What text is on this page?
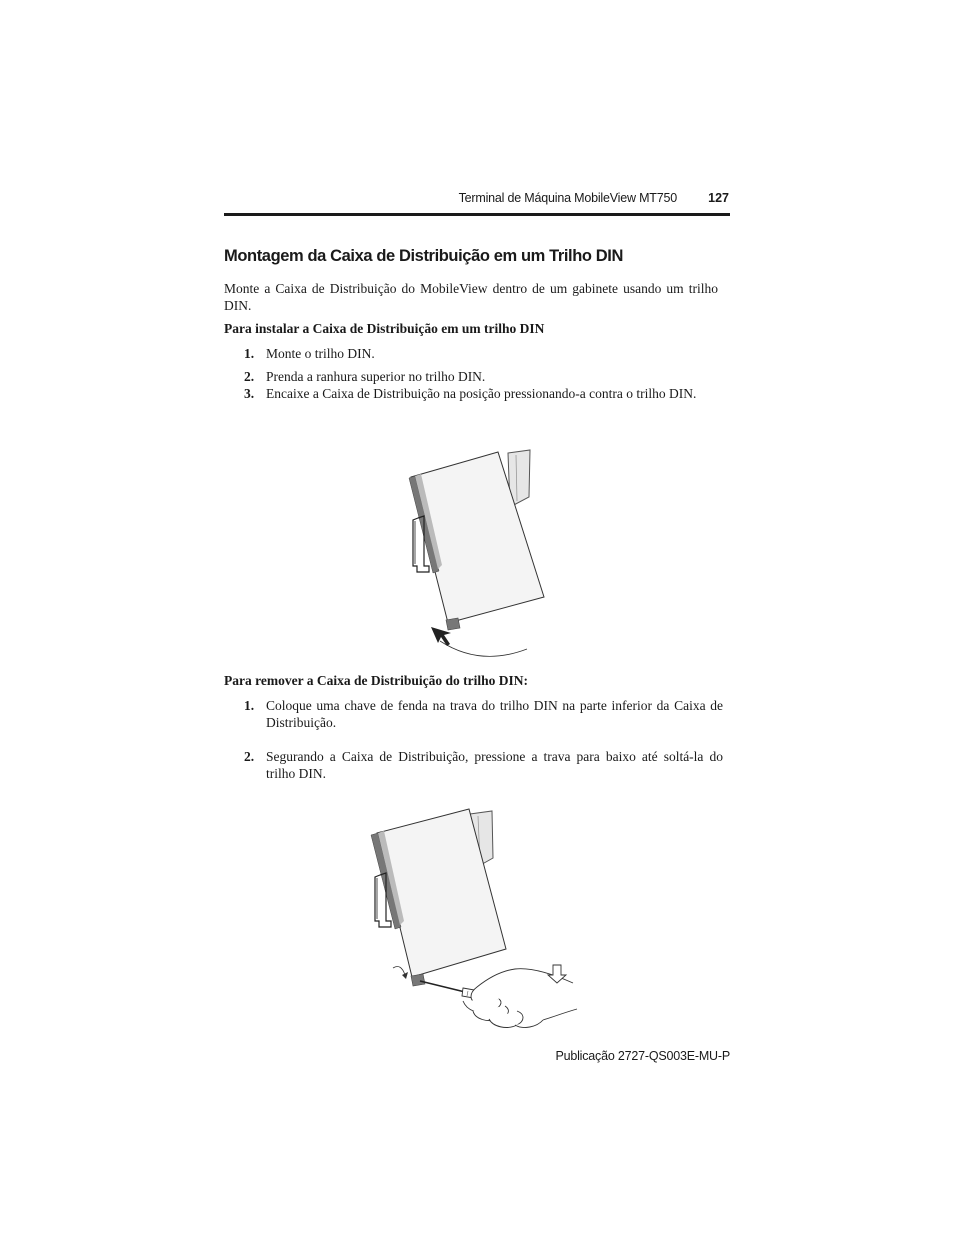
Terminal de Máquina MobileView MT750	127
Montagem da Caixa de Distribuição em um Trilho DIN

Monte a Caixa de Distribuição do MobileView dentro de um gabinete usando um trilho DIN.

Para instalar a Caixa de Distribuição em um trilho DIN

1. Monte o trilho DIN.
2. Prenda a ranhura superior no trilho DIN.
3. Encaixe a Caixa de Distribuição na posição pressionando-a contra o trilho DIN.

Para remover a Caixa de Distribuição do trilho DIN:

1. Coloque uma chave de fenda na trava do trilho DIN na parte inferior da Caixa de Distribuição.
2. Segurando a Caixa de Distribuição, pressione a trava para baixo até soltá-la do trilho DIN.
Publicação 2727-QS003E-MU-P
